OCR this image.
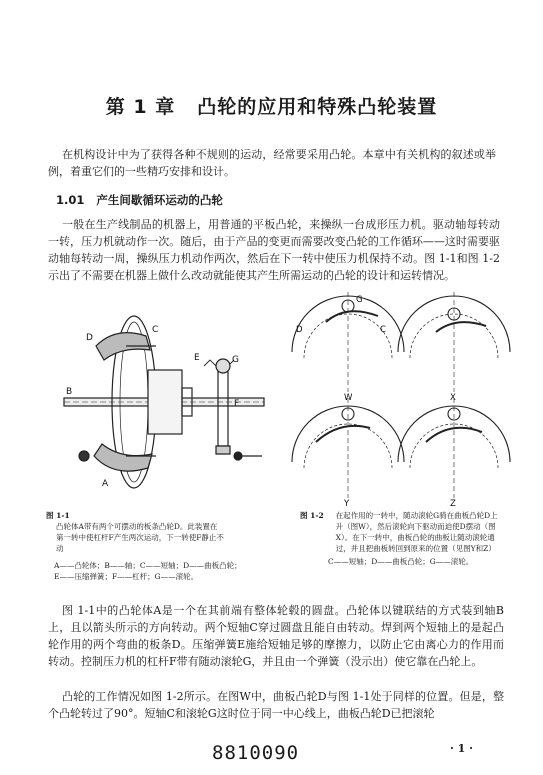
第 1 章 凸轮的应用和特殊凸轮装置
在机构设计中为了获得各种不规则的运动，经常要采用凸轮。本章中有关机构的叙述或举例，着重它们的一些精巧安排和设计。
1.01 产生间歇循环运动的凸轮
一般在生产线制品的机器上，用普通的平板凸轮，来操纵一台成形压力机。驱动轴每转动一转，压力机就动作一次。随后，由于产品的变更而需要改变凸轮的工作循环——这时需要驱动轴每转动一周，操纵压力机动作两次，然后在下一转中使压力机保持不动。图 1-1和图 1-2示出了不需要在机器上做什么改动就能使其产生所需运动的凸轮的设计和运转情况。
A
B
C
D
E
F
G
W	X
Y	Z
C
D
G
图 1-1凸轮体A带有两个可摆动的板条凸轮D。此装置在第一转中使杠杆F产生两次运动，下一转使F静止不动
A——凸轮体；B——轴；C——短轴；D——曲板凸轮；E——压缩弹簧；F——杠杆；G——滚轮。
图 1-2 在起作用的一转中，随动滚轮G骑在曲板凸轮D上升（图W），然后滚轮向下驱动而迫使D摆动（图X）。在下一转中，曲板凸轮的曲板让随动滚轮通过，并且把曲板转回到原来的位置（见图Y和Z）
C——短轴；D——曲板凸轮；G——滚轮。
图 1-1中的凸轮体A是一个在其前端有整体轮毂的圆盘。凸轮体以键联结的方式装到轴B上，且以箭头所示的方向转动。两个短轴C穿过圆盘且能自由转动。焊到两个短轴上的是起凸轮作用的两个弯曲的板条D。压缩弹簧E施给短轴足够的摩擦力，以防止它由离心力的作用而转动。控制压力机的杠杆F带有随动滚轮G，并且由一个弹簧（没示出）使它靠在凸轮上。
凸轮的工作情况如图 1-2所示。在图W中，曲板凸轮D与图 1-1处于同样的位置。但是，整个凸轮转过了90°。短轴C和滚轮G这时位于同一中心线上，曲板凸轮D已把滚轮
8810090	· 1 ·
